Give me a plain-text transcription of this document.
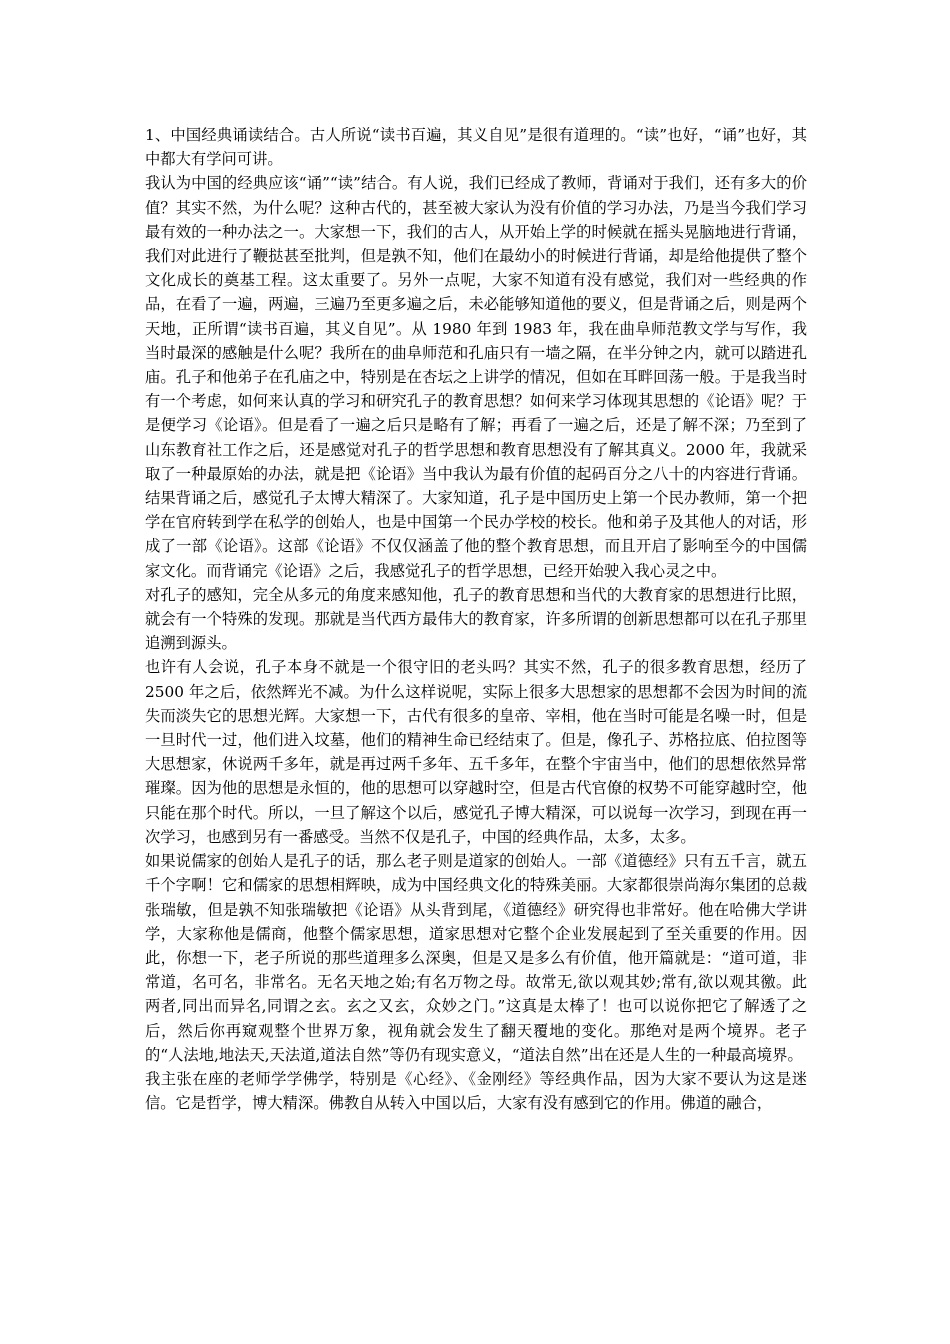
1、中国经典诵读结合。古人所说“读书百遍，其义自见”是很有道理的。“读”也好，“诵”也好，其中都大有学问可讲。

我认为中国的经典应该“诵”“读”结合。有人说，我们已经成了教师，背诵对于我们，还有多大的价值？其实不然，为什么呢？这种古代的，甚至被大家认为没有价值的学习办法，乃是当今我们学习最有效的一种办法之一。大家想一下，我们的古人，从开始上学的时候就在摇头晃脑地进行背诵，我们对此进行了鞭挞甚至批判，但是孰不知，他们在最幼小的时候进行背诵，却是给他提供了整个文化成长的奠基工程。这太重要了。另外一点呢，大家不知道有没有感觉，我们对一些经典的作品，在看了一遍，两遍，三遍乃至更多遍之后，未必能够知道他的要义，但是背诵之后，则是两个天地，正所谓“读书百遍，其义自见”。从 1980 年到 1983 年，我在曲阜师范教文学与写作，我当时最深的感触是什么呢？我所在的曲阜师范和孔庙只有一墙之隔，在半分钟之内，就可以踏进孔庙。孔子和他弟子在孔庙之中，特别是在杏坛之上讲学的情况，但如在耳畔回荡一般。于是我当时有一个考虑，如何来认真的学习和研究孔子的教育思想？如何来学习体现其思想的《论语》呢？于是便学习《论语》。但是看了一遍之后只是略有了解；再看了一遍之后，还是了解不深；乃至到了山东教育社工作之后，还是感觉对孔子的哲学思想和教育思想没有了解其真义。2000 年，我就采取了一种最原始的办法，就是把《论语》当中我认为最有价值的起码百分之八十的内容进行背诵。结果背诵之后，感觉孔子太博大精深了。大家知道，孔子是中国历史上第一个民办教师，第一个把学在官府转到学在私学的创始人，也是中国第一个民办学校的校长。他和弟子及其他人的对话，形成了一部《论语》。这部《论语》不仅仅涵盖了他的整个教育思想，而且开启了影响至今的中国儒家文化。而背诵完《论语》之后，我感觉孔子的哲学思想，已经开始驶入我心灵之中。

对孔子的感知，完全从多元的角度来感知他，孔子的教育思想和当代的大教育家的思想进行比照，就会有一个特殊的发现。那就是当代西方最伟大的教育家，许多所谓的创新思想都可以在孔子那里追溯到源头。

也许有人会说，孔子本身不就是一个很守旧的老头吗？其实不然，孔子的很多教育思想，经历了 2500 年之后，依然辉光不减。为什么这样说呢，实际上很多大思想家的思想都不会因为时间的流失而淡失它的思想光辉。大家想一下，古代有很多的皇帝、宰相，他在当时可能是名噪一时，但是一旦时代一过，他们进入坟墓，他们的精神生命已经结束了。但是，像孔子、苏格拉底、伯拉图等大思想家，休说两千多年，就是再过两千多年、五千多年，在整个宇宙当中，他们的思想依然异常璀璨。因为他的思想是永恒的，他的思想可以穿越时空，但是古代官僚的权势不可能穿越时空，他只能在那个时代。所以，一旦了解这个以后，感觉孔子博大精深，可以说每一次学习，到现在再一次学习，也感到另有一番感受。当然不仅是孔子，中国的经典作品，太多，太多。

如果说儒家的创始人是孔子的话，那么老子则是道家的创始人。一部《道德经》只有五千言，就五千个字啊！它和儒家的思想相辉映，成为中国经典文化的特殊美丽。大家都很崇尚海尔集团的总裁张瑞敏，但是孰不知张瑞敏把《论语》从头背到尾，《道德经》研究得也非常好。他在哈佛大学讲学，大家称他是儒商，他整个儒家思想，道家思想对它整个企业发展起到了至关重要的作用。因此，你想一下，老子所说的那些道理多么深奥，但是又是多么有价值，他开篇就是：“道可道，非常道，名可名，非常名。无名天地之始;有名万物之母。故常无,欲以观其妙;常有,欲以观其徼。此两者,同出而异名,同谓之玄。玄之又玄，众妙之门。”这真是太棒了！也可以说你把它了解透了之后，然后你再窥观整个世界万象，视角就会发生了翻天覆地的变化。那绝对是两个境界。老子的“人法地,地法天,天法道,道法自然”等仍有现实意义，“道法自然”出在还是人生的一种最高境界。

我主张在座的老师学学佛学，特别是《心经》、《金刚经》等经典作品，因为大家不要认为这是迷信。它是哲学，博大精深。佛教自从转入中国以后，大家有没有感到它的作用。佛道的融合，
